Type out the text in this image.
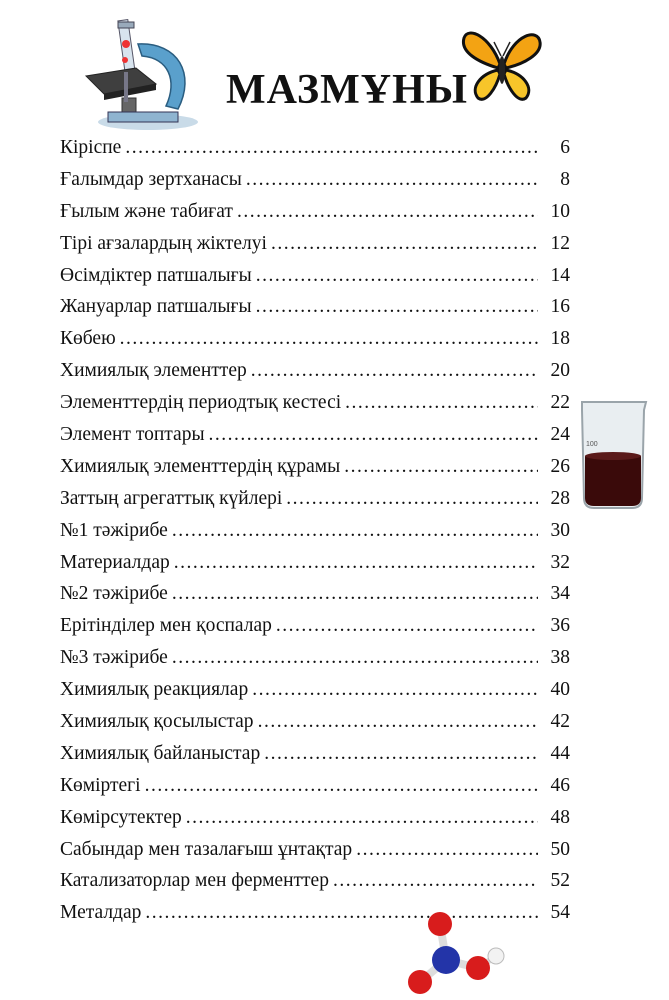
МАЗМҰНЫ
Кіріспе .....	6
Ғалымдар зертханасы .....	8
Ғылым және табиғат .....	10
Тірі ағзалардың жіктелуі .....	12
Өсімдіктер патшалығы .....	14
Жануарлар патшалығы .....	16
Көбею .....	18
Химиялық элементтер .....	20
Элементтердің периодтық кестесі .....	22
Элемент топтары .....	24
Химиялық элементтердің құрамы .....	26
Заттың агрегаттық күйлері .....	28
№1 тәжірибе .....	30
Материалдар .....	32
№2 тәжірибе .....	34
Ерітінділер мен қоспалар .....	36
№3 тәжірибе .....	38
Химиялық реакциялар .....	40
Химиялық қосылыстар .....	42
Химиялық байланыстар .....	44
Көміртегі .....	46
Көмірсутектер .....	48
Сабындар мен тазалағыш ұнтақтар .....	50
Катализаторлар мен ферменттер .....	52
Металдар .....	54
100
